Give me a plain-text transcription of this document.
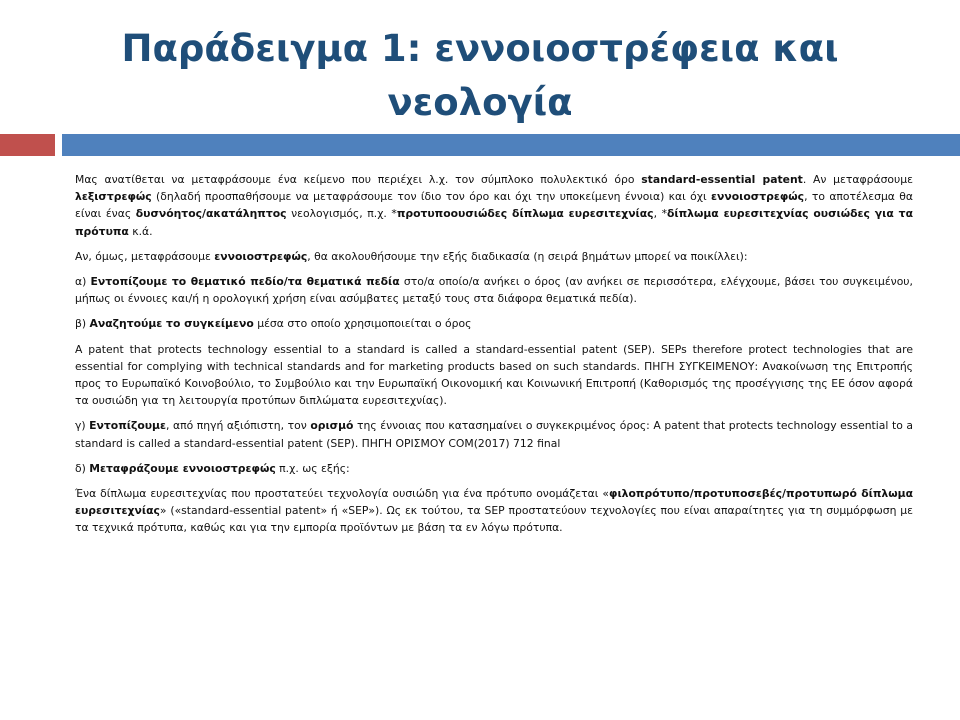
Παράδειγμα 1: εννοιοστρέφεια και νεολογία

Μας ανατίθεται να μεταφράσουμε ένα κείμενο που περιέχει λ.χ. τον σύμπλοκο πολυλεκτικό όρο standard-essential patent. Αν μεταφράσουμε λεξιστρεφώς (δηλαδή προσπαθήσουμε να μεταφράσουμε τον ίδιο τον όρο και όχι την υποκείμενη έννοια) και όχι εννοιοστρεφώς, το αποτέλεσμα θα είναι ένας δυσνόητος/ακατάληπτος νεολογισμός, π.χ. *προτυποουσιώδες δίπλωμα ευρεσιτεχνίας, *δίπλωμα ευρεσιτεχνίας ουσιώδες για τα πρότυπα κ.ά.

Αν, όμως, μεταφράσουμε εννοιοστρεφώς, θα ακολουθήσουμε την εξής διαδικασία (η σειρά βημάτων μπορεί να ποικίλλει):

α) Εντοπίζουμε το θεματικό πεδίο/τα θεματικά πεδία στο/α οποίο/α ανήκει ο όρος (αν ανήκει σε περισσότερα, ελέγχουμε, βάσει του συγκειμένου, μήπως οι έννοιες και/ή η ορολογική χρήση είναι ασύμβατες μεταξύ τους στα διάφορα θεματικά πεδία).

β) Αναζητούμε το συγκείμενο μέσα στο οποίο χρησιμοποιείται ο όρος

A patent that protects technology essential to a standard is called a standard-essential patent (SEP). SEPs therefore protect technologies that are essential for complying with technical standards and for marketing products based on such standards. ΠΗΓΗ ΣΥΓΚΕΙΜΕΝΟΥ: Ανακοίνωση της Επιτροπής προς το Ευρωπαϊκό Κοινοβούλιο, το Συμβούλιο και την Ευρωπαϊκή Οικονομική και Κοινωνική Επιτροπή (Καθορισμός της προσέγγισης της ΕΕ όσον αφορά τα ουσιώδη για τη λειτουργία προτύπων διπλώματα ευρεσιτεχνίας).

γ) Εντοπίζουμε, από πηγή αξιόπιστη, τον ορισμό της έννοιας που κατασημαίνει ο συγκεκριμένος όρος: A patent that protects technology essential to a standard is called a standard-essential patent (SEP). ΠΗΓΗ ΟΡΙΣΜΟΥ COM(2017) 712 final

δ) Μεταφράζουμε εννοιοστρεφώς π.χ. ως εξής:

Ένα δίπλωμα ευρεσιτεχνίας που προστατεύει τεχνολογία ουσιώδη για ένα πρότυπο ονομάζεται «φιλοπρότυπο/προτυποσεβές/προτυπωρό δίπλωμα ευρεσιτεχνίας» («standard-essential patent» ή «SEP»). Ως εκ τούτου, τα SEP προστατεύουν τεχνολογίες που είναι απαραίτητες για τη συμμόρφωση με τα τεχνικά πρότυπα, καθώς και για την εμπορία προϊόντων με βάση τα εν λόγω πρότυπα.
